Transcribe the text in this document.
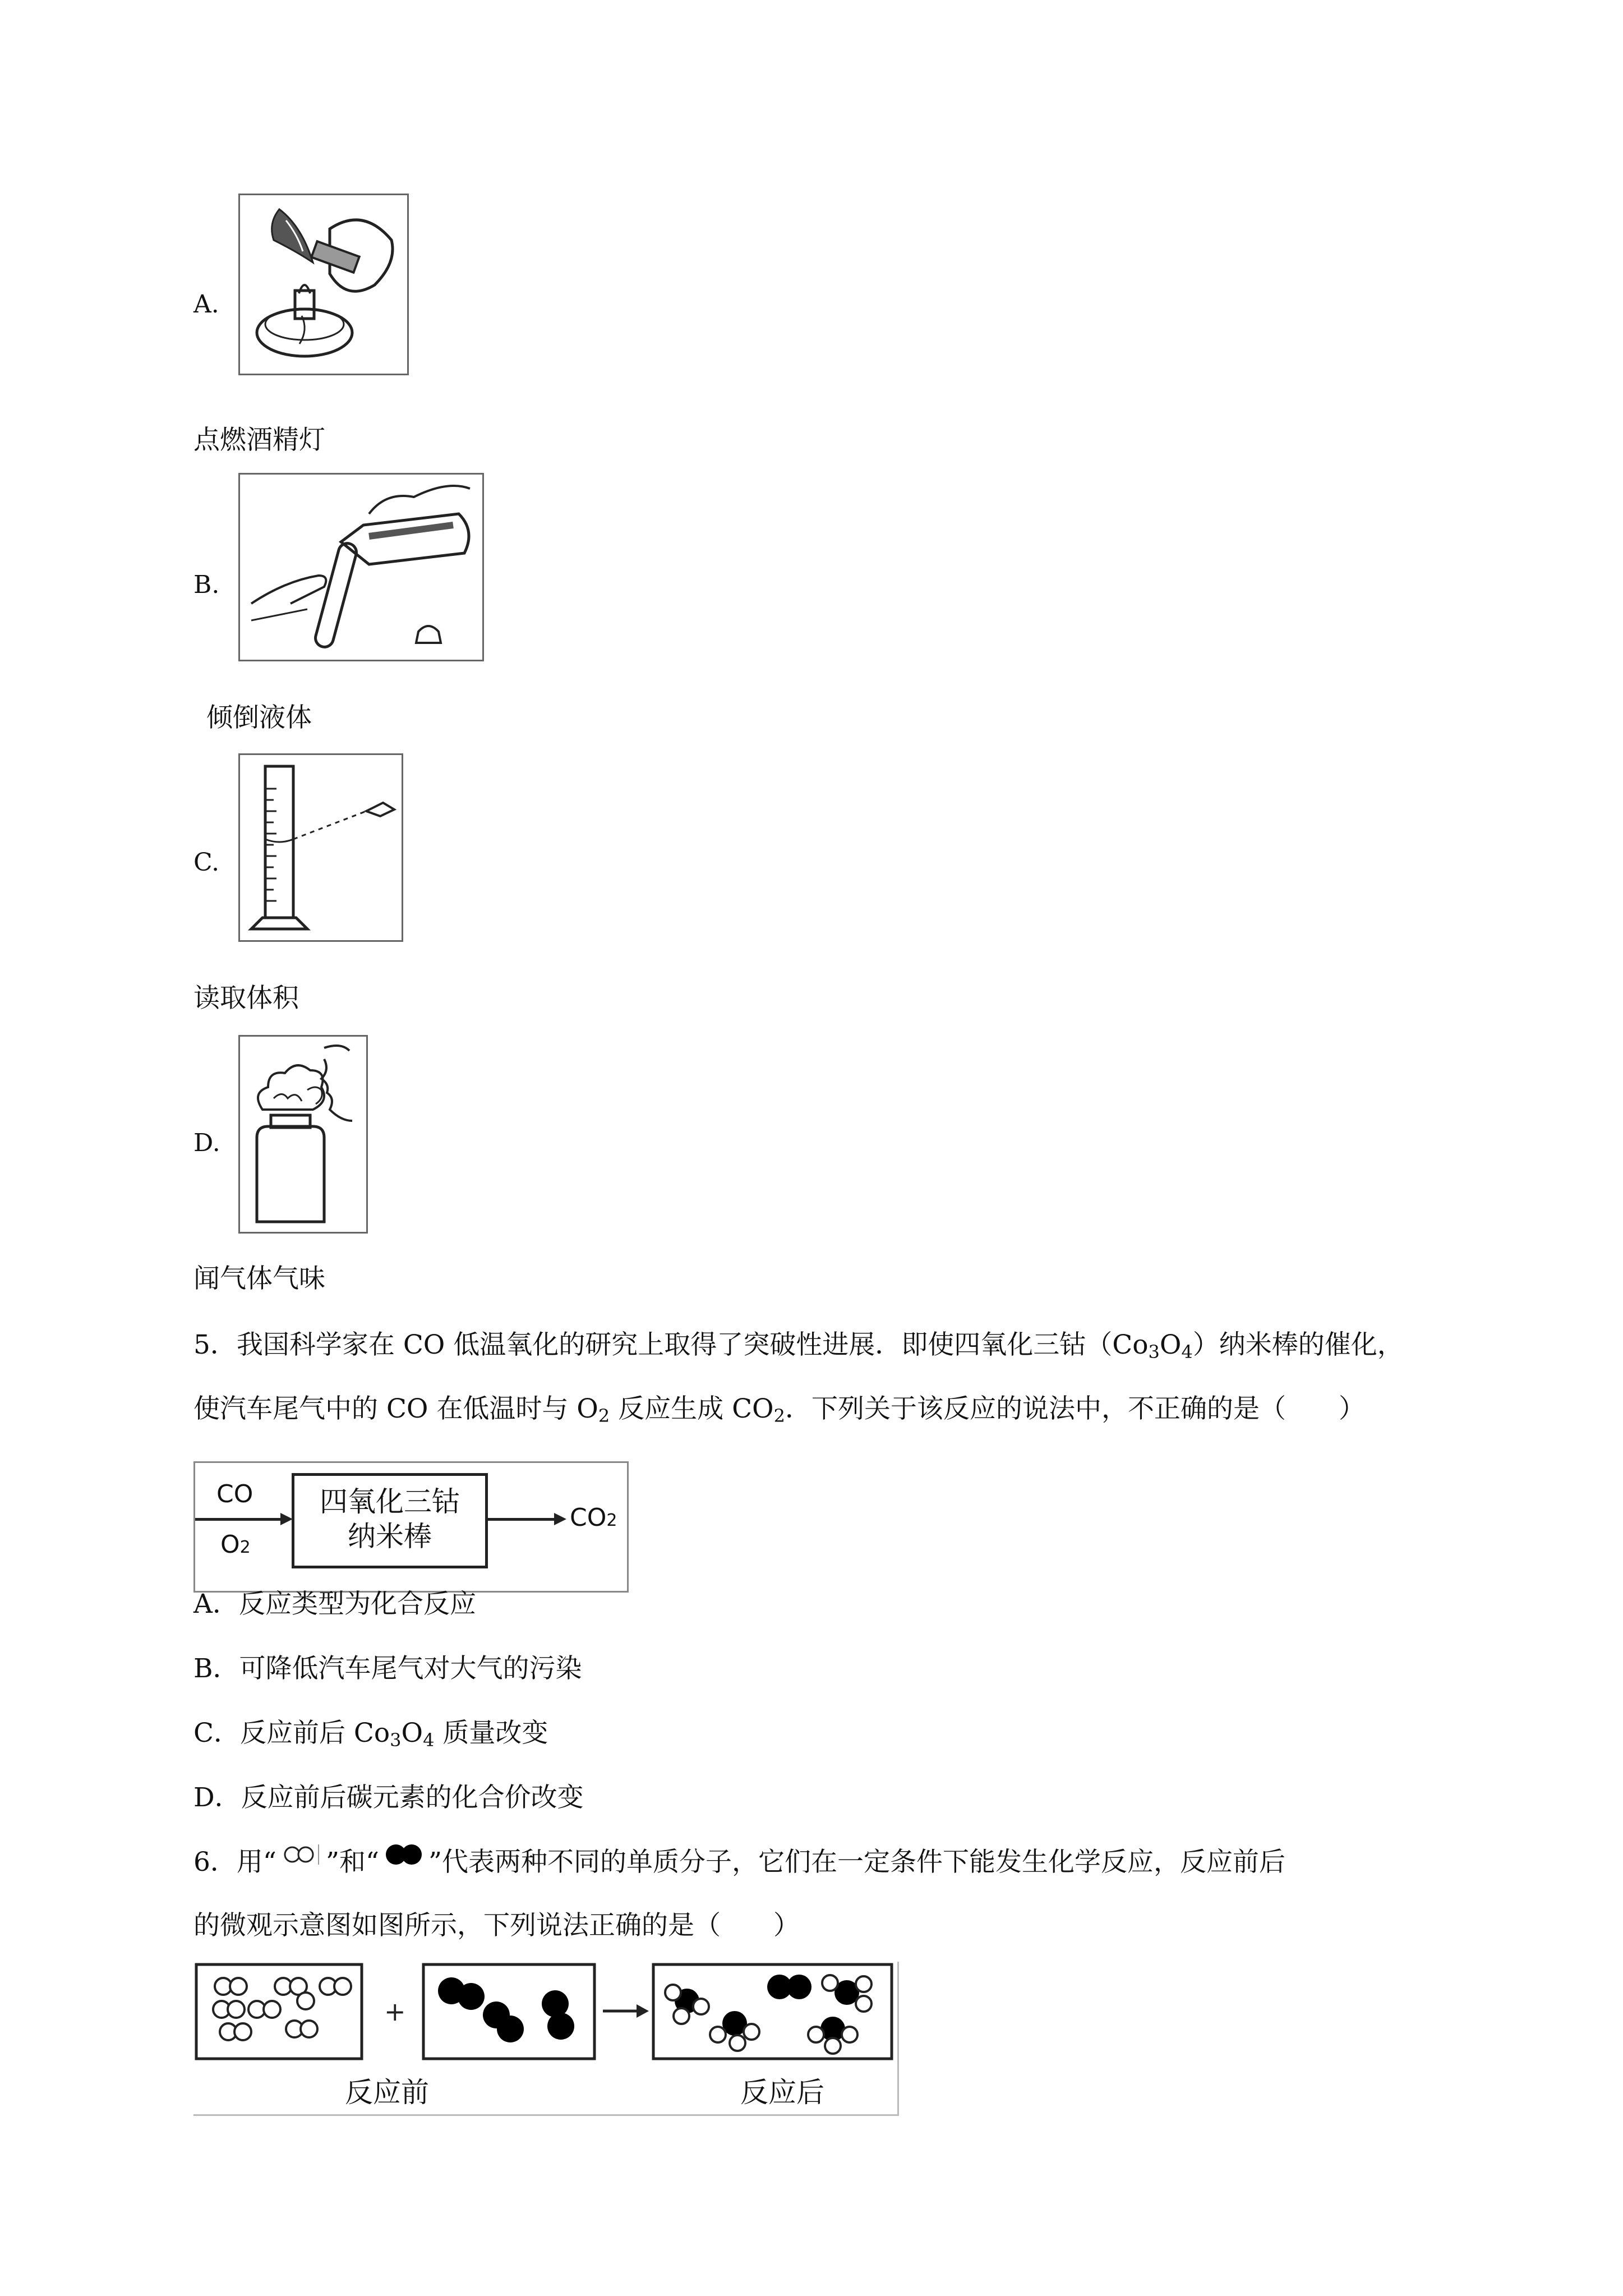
A.
点燃酒精灯
B.
倾倒液体
C.
读取体积
D.
闻气体气味
5．我国科学家在 CO 低温氧化的研究上取得了突破性进展．即使四氧化三钴$(Co_3O_4)$纳米棒的催化，
使汽车尾气中的 CO 在低温时与 $O_2$ 反应生成 $CO_2$．下列关于该反应的说法中，不正确的是（　　）
CO
O2
四氧化三钴
纳米棒
CO2
A．反应类型为化合反应
B．可降低汽车尾气对大气的污染
C．反应前后 $Co_3O_4$ 质量改变
D．反应前后碳元素的化合价改变
6．用“ ”和“ ”代表两种不同的单质分子，它们在一定条件下能发生化学反应，反应前后
的微观示意图如图所示，下列说法正确的是（　　）
+
反应前	反应后
